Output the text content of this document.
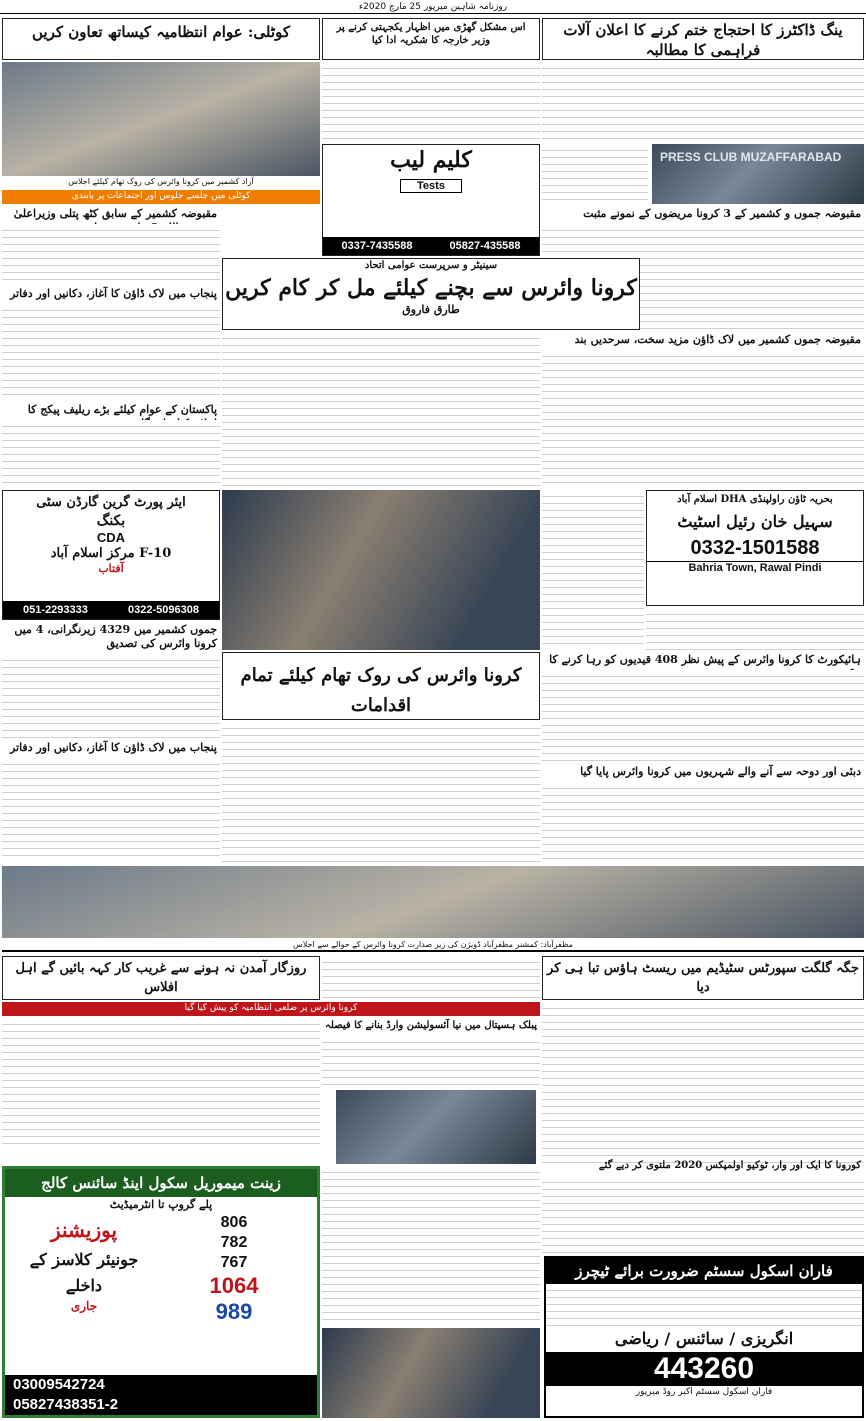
روزنامہ شاہین میرپور 25 مارچ 2020ء
ینگ ڈاکٹرز کا احتجاج ختم کرنے کا اعلان آلات فراہمی کا مطالبہ
PRESS CLUB MUZAFFARABAD
مقبوضہ جموں و کشمیر کے 3 کرونا مریضوں کے نمونے مثبت
مقبوضہ جموں کشمیر میں لاک ڈاؤن مزید سخت، سرحدیں بند
کوٹلی: عوام انتظامیہ کیساتھ تعاون کریں
آزاد کشمیر میں کرونا وائرس کی روک تھام کیلئے اجلاس
کوٹلی میں جلسے جلوس اور اجتماعات پر پابندی
مقبوضہ کشمیر کے سابق کٹھ پتلی وزیراعلیٰ
پنجاب میں لاک ڈاؤن کا آغاز، دکانیں اور دفاتر
پاکستان کے عوام کیلئے بڑے ریلیف پیکج کا
اس مشکل گھڑی میں اظہار یکجہتی کرنے پر وزیر خارجہ کا شکریہ ادا کیا
کلیم لیب
Tests
0337-7435588	05827-435588
سینیٹر و سرپرست عوامی اتحاد
کرونا وائرس سے بچنے کیلئے مل کر کام کریں
طارق فاروق
ایئر پورٹ گرین گارڈن سٹی
بکنگ
CDA
F-10 مرکز اسلام آباد
آفتاب
051-2293333	0322-5096308
بحریہ ٹاؤن راولپنڈی DHA اسلام آباد
سہیل خان رئیل اسٹیٹ
0332-1501588
Bahria Town, Rawal Pindi
جموں کشمیر میں 4329 زیرنگرانی، 4 میں کرونا وائرس کی تصدیق
کرونا وائرس کی روک تھام کیلئے تمام اقدامات
ہائیکورٹ کا کرونا وائرس کے پیش نظر 408 قیدیوں کو رہا کرنے کا
پنجاب میں لاک ڈاؤن کا آغاز، دکانیں اور دفاتر
دبئی اور دوحہ سے آنے والے شہریوں میں کرونا وائرس پایا گیا
مظفرآباد: کمشنر مظفرآباد ڈویژن کی زیر صدارت کرونا وائرس کے حوالے سے اجلاس
جگہ گلگت سپورٹس سٹیڈیم میں ریسٹ ہاؤس تبا ہی کر دیا
روزگار آمدن نہ ہونے سے غریب کار کہہ بائیں گے اہل افلاس
کرونا وائرس پر ضلعی انتظامیہ کو پیش کیا گیا
پبلک ہسپتال میں نیا آئسولیشن وارڈ بنانے کا فیصلہ
کورونا کا ایک اور وار، ٹوکیو اولمپکس 2020 ملتوی کر دیے گئے
زینت میموریل سکول اینڈ سائنس کالج
پلے گروپ تا انٹرمیڈیٹ
پوزیشنز
جونیئر کلاسز کے داخلے
جاری
806
782
767
1064
989
03009542724
05827438351-2
فاران اسکول سسٹم ضرورت برائے ٹیچرز
انگریزی / سائنس / ریاضی
443260
فاران اسکول سسٹم اکبر روڈ میرپور
